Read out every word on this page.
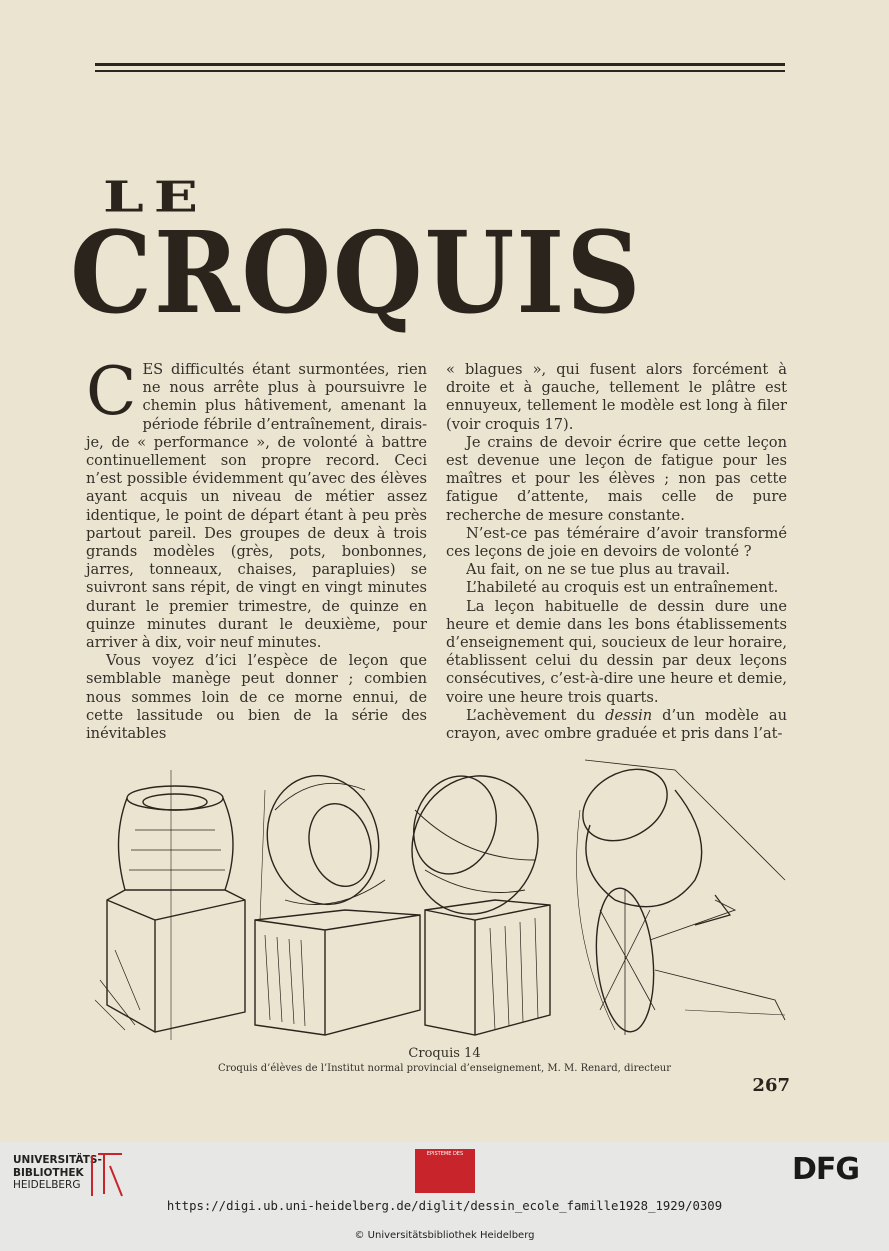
LE
CROQUIS

CES difficultés étant surmontées, rien ne nous arrête plus à poursuivre le chemin plus hâtivement, amenant la période fébrile d’entraînement, dirais-je, de « performance », de volonté à battre continuellement son propre record. Ceci n’est possible évidemment qu’avec des élèves ayant acquis un niveau de métier assez identique, le point de départ étant à peu près partout pareil. Des groupes de deux à trois grands modèles (grès, pots, bonbonnes, jarres, tonneaux, chaises, parapluies) se suivront sans répit, de vingt en vingt minutes durant le premier trimestre, de quinze en quinze minutes durant le deuxième, pour arriver à dix, voir neuf minutes.

Vous voyez d’ici l’espèce de leçon que semblable manège peut donner ; combien nous sommes loin de ce morne ennui, de cette lassitude ou bien de la série des inévitables

« blagues », qui fusent alors forcément à droite et à gauche, tellement le plâtre est ennuyeux, tellement le modèle est long à filer (voir croquis 17).

Je crains de devoir écrire que cette leçon est devenue une leçon de fatigue pour les maîtres et pour les élèves ; non pas cette fatigue d’attente, mais celle de pure recherche de mesure constante.

N’est-ce pas téméraire d’avoir transformé ces leçons de joie en devoirs de volonté ?

Au fait, on ne se tue plus au travail.

L’habileté au croquis est un entraînement.

La leçon habituelle de dessin dure une heure et demie dans les bons établissements d’enseignement qui, soucieux de leur horaire, établissent celui du dessin par deux leçons consécutives, c’est-à-dire une heure et demie, voire une heure trois quarts.

L’achèvement du dessin d’un modèle au crayon, avec ombre graduée et pris dans l’at-

Croquis 14
Croquis d’élèves de l’Institut normal provincial d’enseignement, M. M. Renard, directeur
267
UNIVERSITÄTS-
BIBLIOTHEK
HEIDELBERG
EPISTEME DES	DFG
https://digi.ub.uni-heidelberg.de/diglit/dessin_ecole_famille1928_1929/0309
© Universitätsbibliothek Heidelberg
